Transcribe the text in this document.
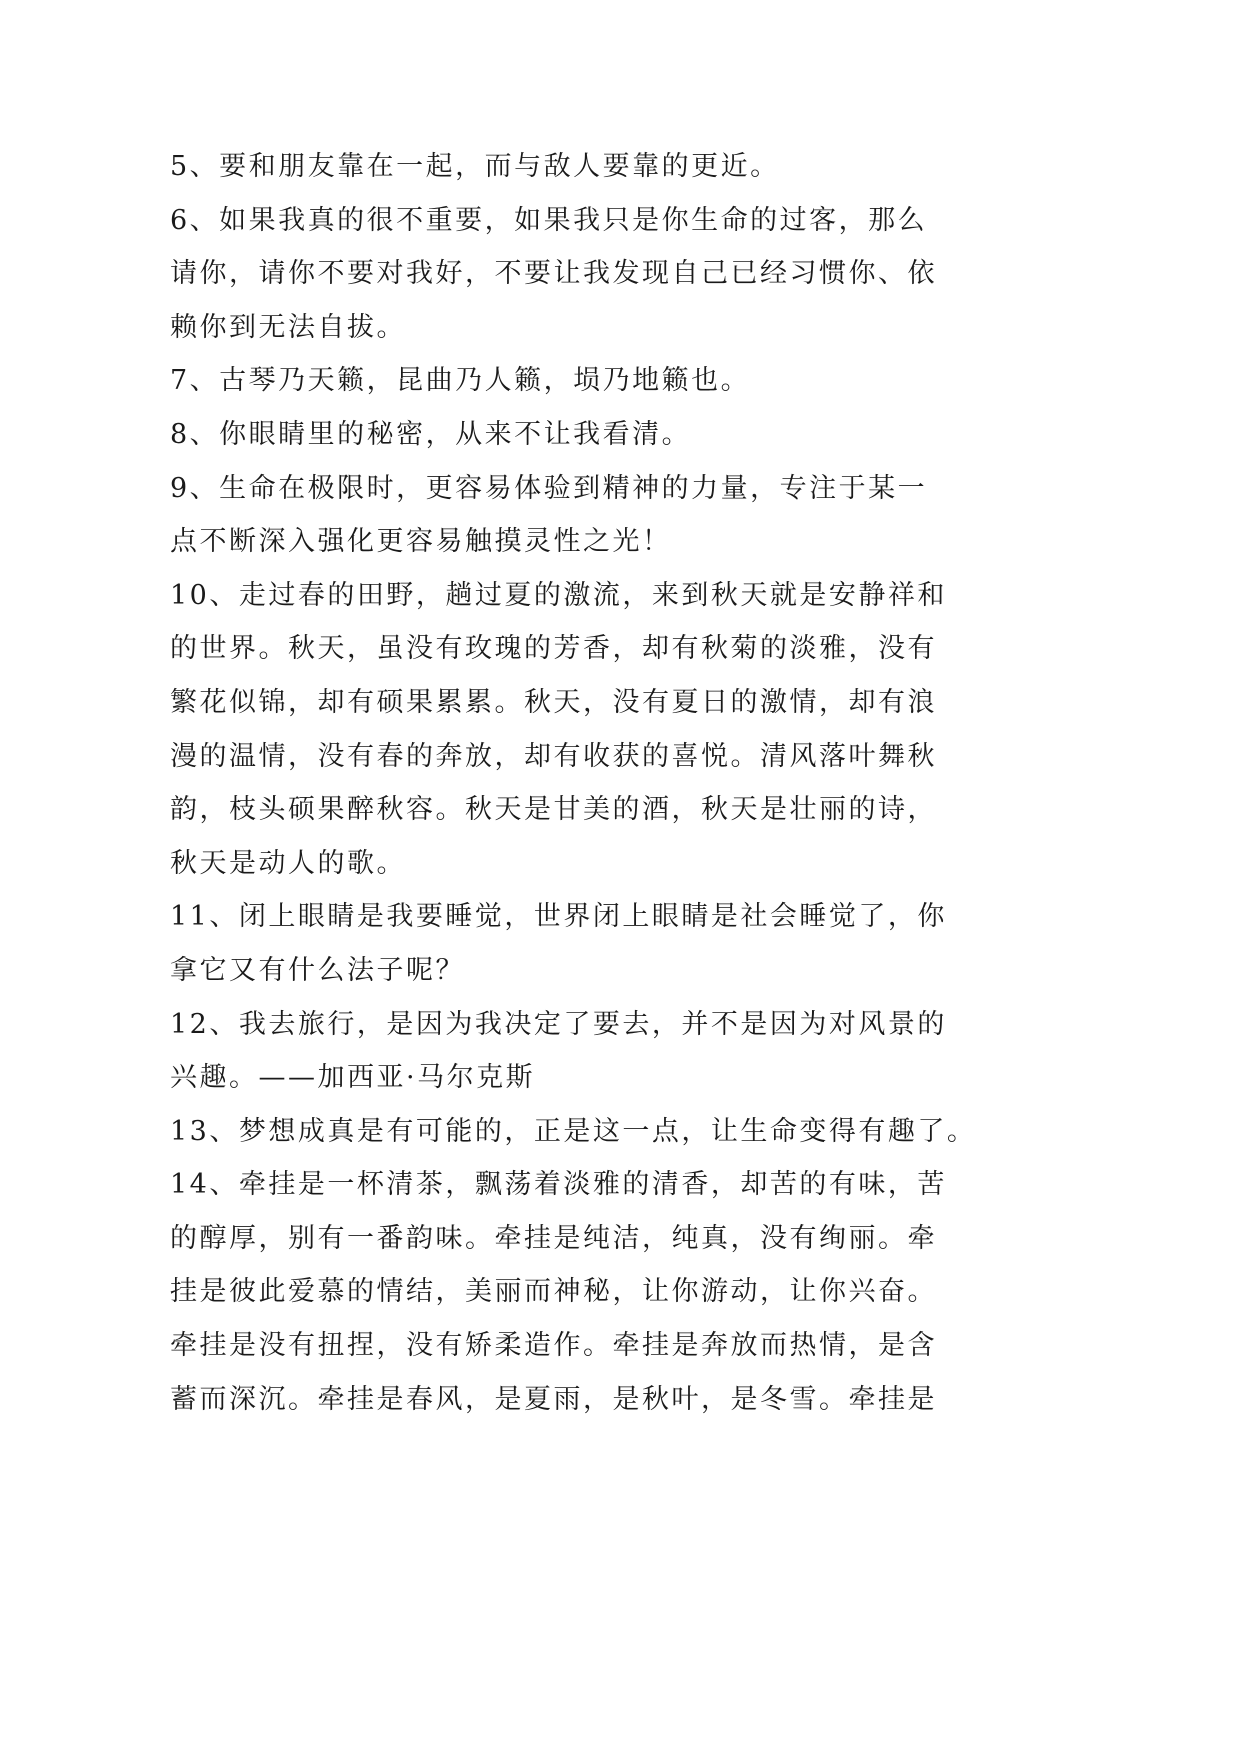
5、要和朋友靠在一起，而与敌人要靠的更近。
6、如果我真的很不重要，如果我只是你生命的过客，那么
请你，请你不要对我好，不要让我发现自己已经习惯你、依
赖你到无法自拔。
7、古琴乃天籁，昆曲乃人籁，埙乃地籁也。
8、你眼睛里的秘密，从来不让我看清。
9、生命在极限时，更容易体验到精神的力量，专注于某一
点不断深入强化更容易触摸灵性之光！
10、走过春的田野，趟过夏的激流，来到秋天就是安静祥和
的世界。秋天，虽没有玫瑰的芳香，却有秋菊的淡雅，没有
繁花似锦，却有硕果累累。秋天，没有夏日的激情，却有浪
漫的温情，没有春的奔放，却有收获的喜悦。清风落叶舞秋
韵，枝头硕果醉秋容。秋天是甘美的酒，秋天是壮丽的诗，
秋天是动人的歌。
11、闭上眼睛是我要睡觉，世界闭上眼睛是社会睡觉了，你
拿它又有什么法子呢？
12、我去旅行，是因为我决定了要去，并不是因为对风景的
兴趣。——加西亚·马尔克斯
13、梦想成真是有可能的，正是这一点，让生命变得有趣了。
14、牵挂是一杯清茶，飘荡着淡雅的清香，却苦的有味，苦
的醇厚，别有一番韵味。牵挂是纯洁，纯真，没有绚丽。牵
挂是彼此爱慕的情结，美丽而神秘，让你游动，让你兴奋。
牵挂是没有扭捏，没有矫柔造作。牵挂是奔放而热情，是含
蓄而深沉。牵挂是春风，是夏雨，是秋叶，是冬雪。牵挂是
